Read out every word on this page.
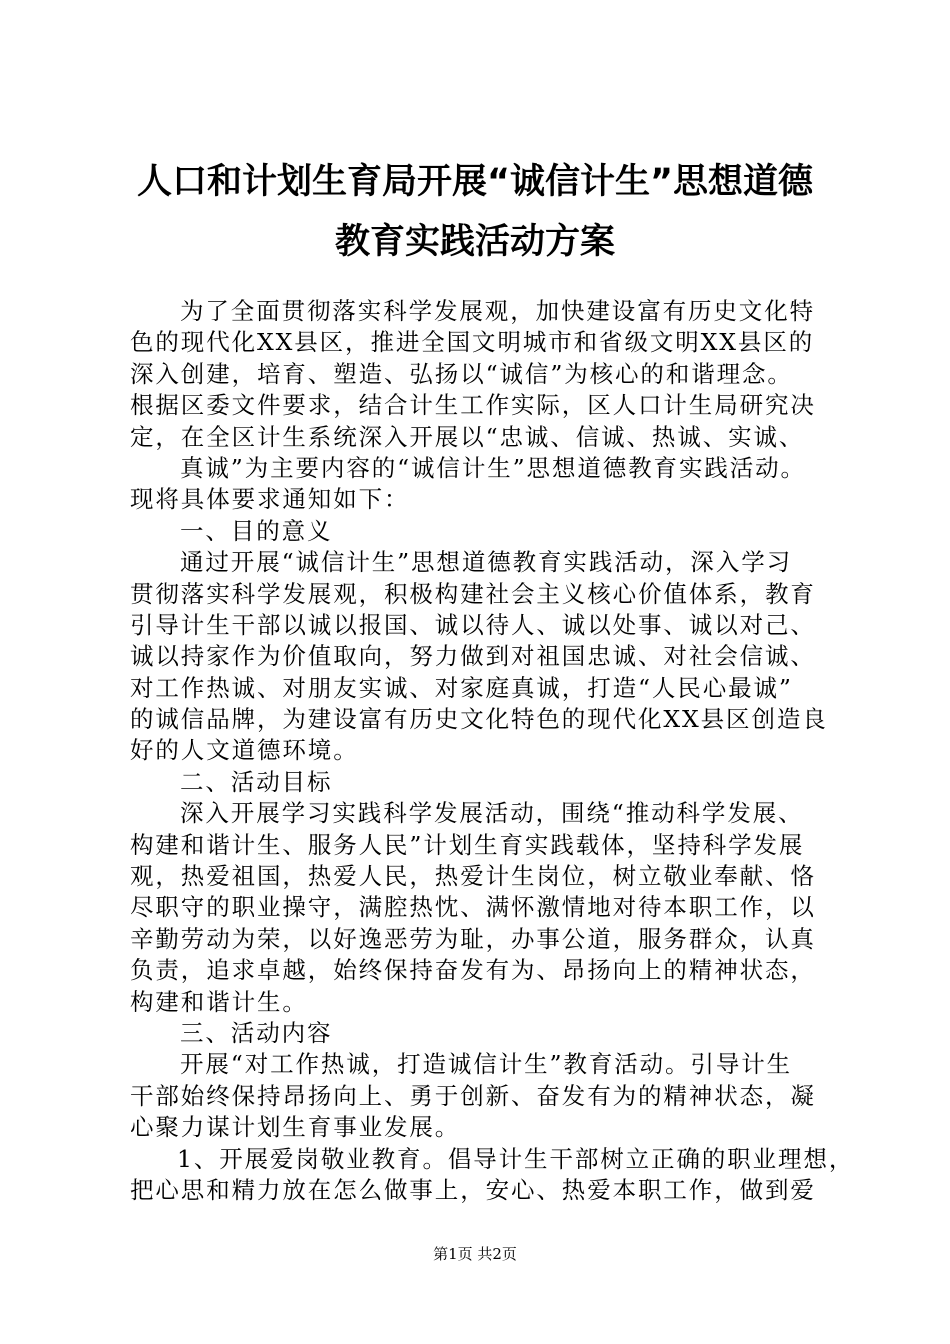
人口和计划生育局开展“诚信计生”思想道德
教育实践活动方案
为了全面贯彻落实科学发展观，加快建设富有历史文化特
色的现代化XX县区，推进全国文明城市和省级文明XX县区的
深入创建，培育、塑造、弘扬以“诚信”为核心的和谐理念。
根据区委文件要求，结合计生工作实际，区人口计生局研究决
定，在全区计生系统深入开展以“忠诚、信诚、热诚、实诚、
真诚”为主要内容的“诚信计生”思想道德教育实践活动。
现将具体要求通知如下：
一、目的意义
通过开展“诚信计生”思想道德教育实践活动，深入学习
贯彻落实科学发展观，积极构建社会主义核心价值体系，教育
引导计生干部以诚以报国、诚以待人、诚以处事、诚以对己、
诚以持家作为价值取向，努力做到对祖国忠诚、对社会信诚、
对工作热诚、对朋友实诚、对家庭真诚，打造“人民心最诚”
的诚信品牌，为建设富有历史文化特色的现代化XX县区创造良
好的人文道德环境。
二、活动目标
深入开展学习实践科学发展活动，围绕“推动科学发展、
构建和谐计生、服务人民”计划生育实践载体，坚持科学发展
观，热爱祖国，热爱人民，热爱计生岗位，树立敬业奉献、恪
尽职守的职业操守，满腔热忱、满怀激情地对待本职工作，以
辛勤劳动为荣，以好逸恶劳为耻，办事公道，服务群众，认真
负责，追求卓越，始终保持奋发有为、昂扬向上的精神状态，
构建和谐计生。
三、活动内容
开展“对工作热诚，打造诚信计生”教育活动。引导计生
干部始终保持昂扬向上、勇于创新、奋发有为的精神状态，凝
心聚力谋计划生育事业发展。
1、开展爱岗敬业教育。倡导计生干部树立正确的职业理想，
把心思和精力放在怎么做事上，安心、热爱本职工作，做到爱
第1页 共2页
